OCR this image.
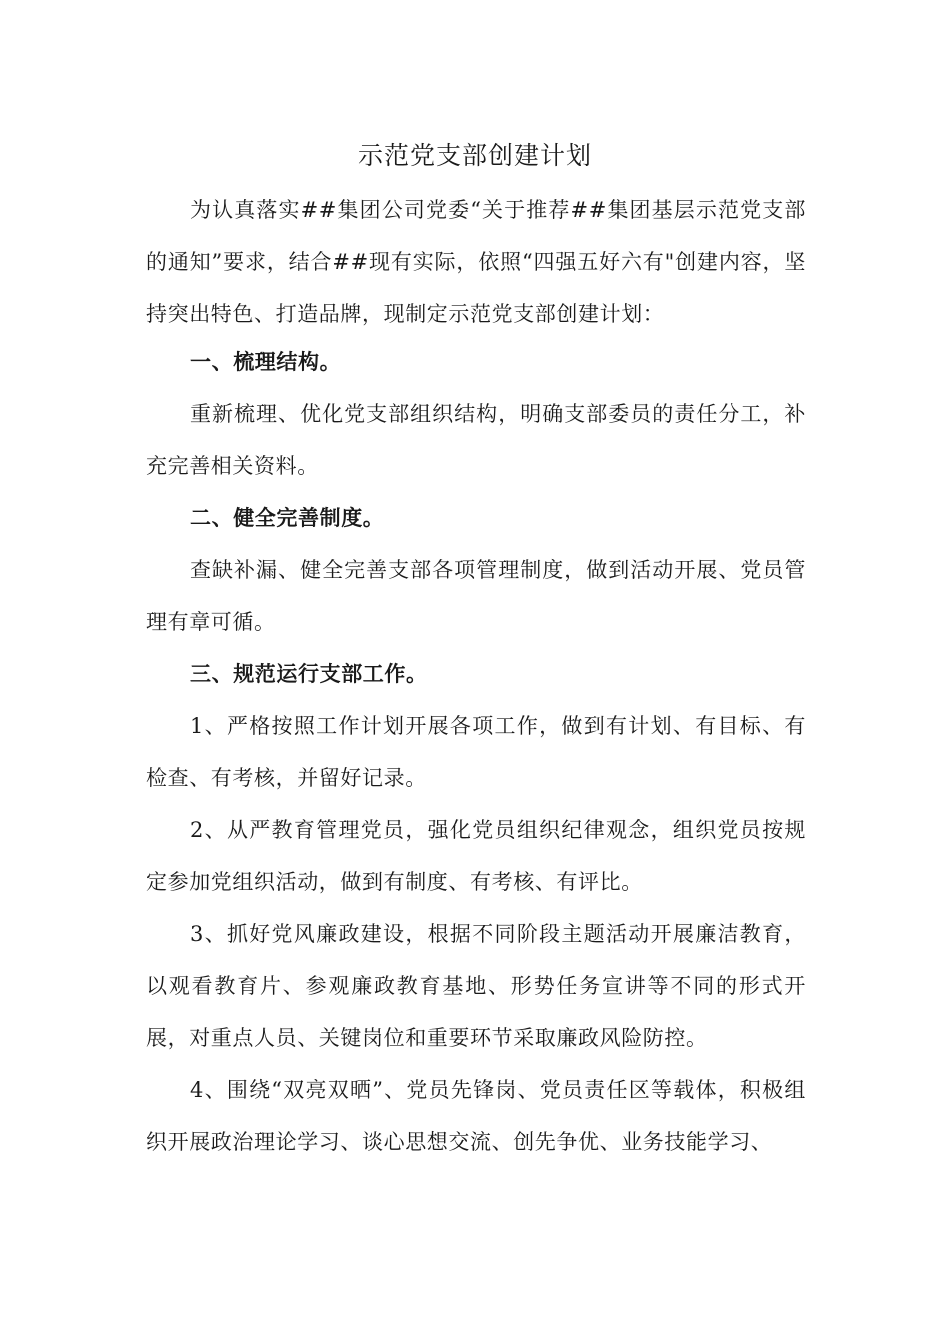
示范党支部创建计划

为认真落实##集团公司党委“关于推荐##集团基层示范党支部的通知”要求，结合##现有实际，依照“四强五好六有"创建内容，坚持突出特色、打造品牌，现制定示范党支部创建计划：

一、梳理结构。

重新梳理、优化党支部组织结构，明确支部委员的责任分工，补充完善相关资料。

二、健全完善制度。

查缺补漏、健全完善支部各项管理制度，做到活动开展、党员管理有章可循。

三、规范运行支部工作。

1、严格按照工作计划开展各项工作，做到有计划、有目标、有检查、有考核，并留好记录。

2、从严教育管理党员，强化党员组织纪律观念，组织党员按规定参加党组织活动，做到有制度、有考核、有评比。

3、抓好党风廉政建设，根据不同阶段主题活动开展廉洁教育，以观看教育片、参观廉政教育基地、形势任务宣讲等不同的形式开展，对重点人员、关键岗位和重要环节采取廉政风险防控。

4、围绕“双亮双晒”、党员先锋岗、党员责任区等载体，积极组织开展政治理论学习、谈心思想交流、创先争优、业务技能学习、
